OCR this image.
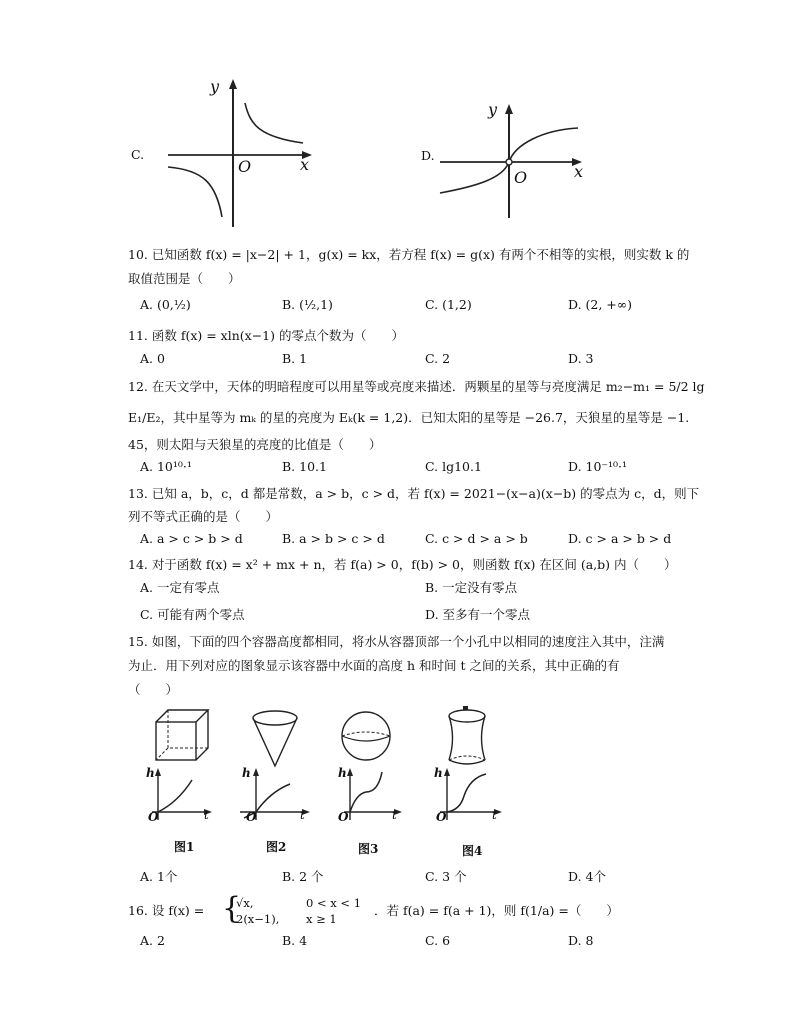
C.
y
x
O
D.
y
x
O
10. 已知函数 f(x) = |x−2| + 1，g(x) = kx，若方程 f(x) = g(x) 有两个不相等的实根，则实数 k 的
取值范围是（　　）
A. (0,½)	B. (½,1)	C. (1,2)	D. (2, +∞)
11. 函数 f(x) = xln(x−1) 的零点个数为（　　）
A. 0	B. 1	C. 2	D. 3
12. 在天文学中，天体的明暗程度可以用星等或亮度来描述．两颗星的星等与亮度满足 m₂−m₁ = 5/2 lg
E₁/E₂，其中星等为 mₖ 的星的亮度为 Eₖ(k = 1,2)．已知太阳的星等是 −26.7，天狼星的星等是 −1.
45，则太阳与天狼星的亮度的比值是（　　）
A. 10¹⁰·¹	B. 10.1	C. lg10.1	D. 10⁻¹⁰·¹
13. 已知 a，b，c，d 都是常数，a > b，c > d，若 f(x) = 2021−(x−a)(x−b) 的零点为 c，d，则下
列不等式正确的是（　　）
A. a > c > b > d	B. a > b > c > d	C. c > d > a > b	D. c > a > b > d
14. 对于函数 f(x) = x² + mx + n，若 f(a) > 0，f(b) > 0，则函数 f(x) 在区间 (a,b) 内（　　）
A. 一定有零点	B. 一定没有零点
C. 可能有两个零点	D. 至多有一个零点
15. 如图，下面的四个容器高度都相同，将水从容器顶部一个小孔中以相同的速度注入其中，注满
为止．用下列对应的图象显示该容器中水面的高度 h 和时间 t 之间的关系，其中正确的有
（　　）
h
t
O
h
t
O
h
t
O
h
t
O
图1	图2	图3	图4
A. 1个	B. 2 个	C. 3 个	D. 4个
16. 设 f(x) = {
√x,	0 < x < 1
2(x−1), x ≥ 1
．若 f(a) = f(a + 1)，则 f(1/a) =（　　）
A. 2	B. 4	C. 6	D. 8
